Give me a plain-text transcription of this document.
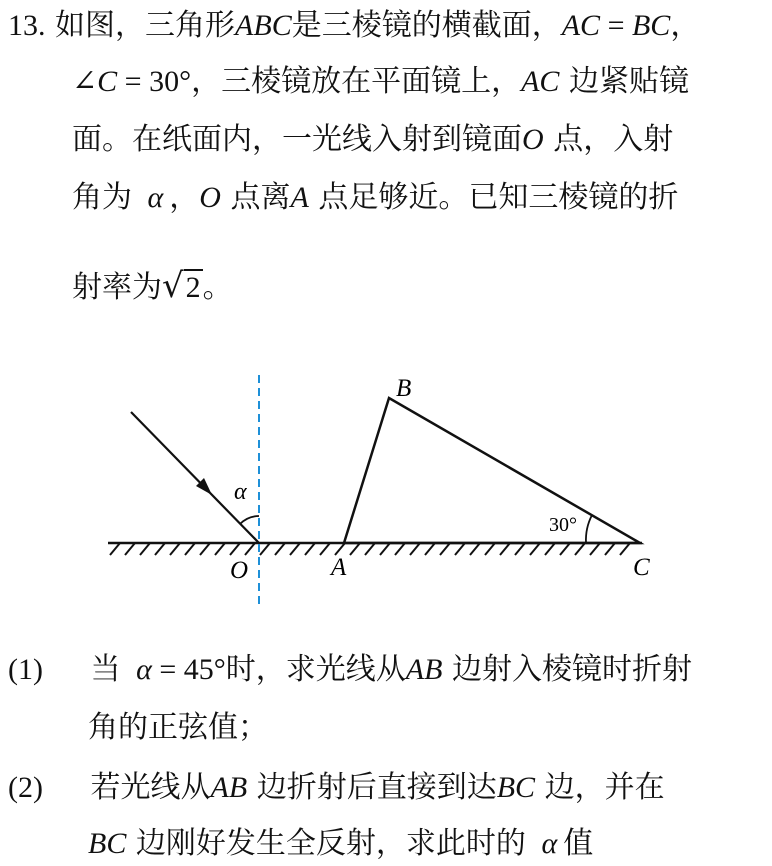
13. 如图，三角形ABC是三棱镜的横截面，AC = BC，
∠C = 30°，三棱镜放在平面镜上，AC 边紧贴镜
面。在纸面内，一光线入射到镜面O 点，入射
角为 α ，O 点离A 点足够近。已知三棱镜的折
射率为√2。
B
A	C
O
α
30°
(1) 当 α = 45°时，求光线从AB 边射入棱镜时折射
角的正弦值；
(2) 若光线从AB 边折射后直接到达BC 边，并在
BC 边刚好发生全反射，求此时的 α 值
